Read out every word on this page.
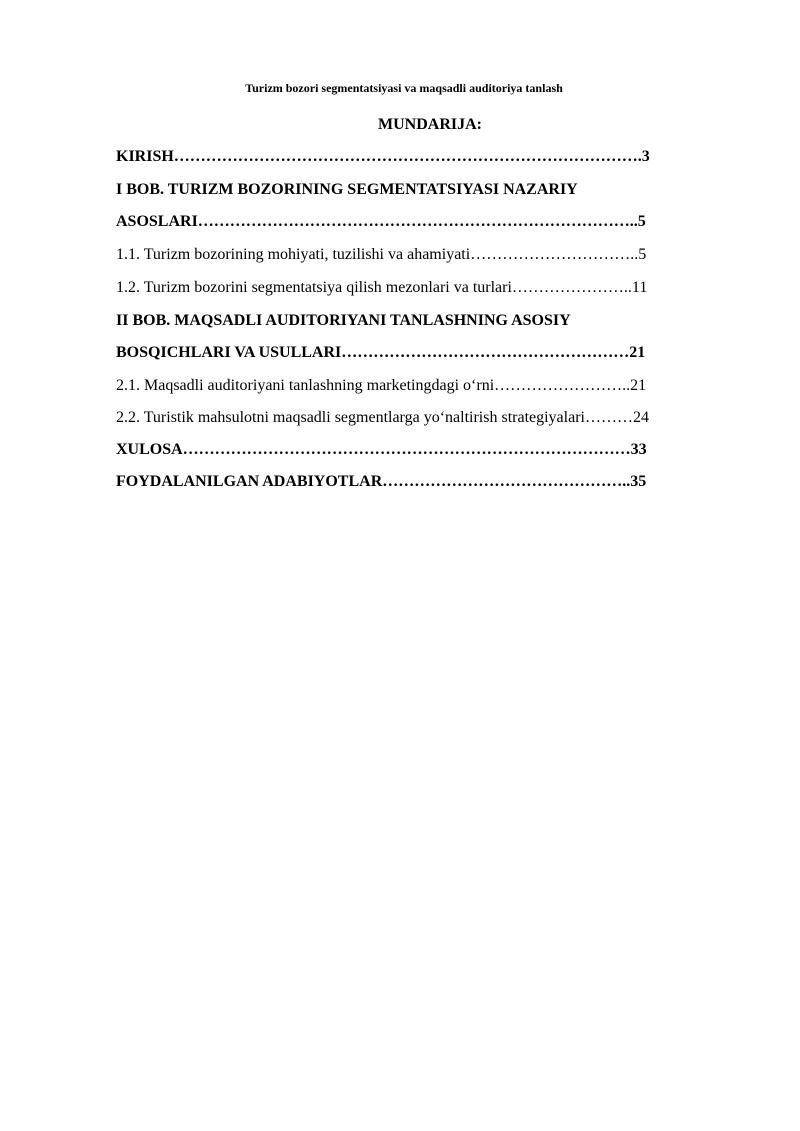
Turizm bozori segmentatsiyasi va maqsadli auditoriya tanlash
MUNDARIJA:
KIRISH…………………………………………………………………………….3
I BOB. TURIZM BOZORINING SEGMENTATSIYASI NAZARIY
ASOSLARI………………………………………………………………………..5
1.1. Turizm bozorining mohiyati, tuzilishi va ahamiyati…………………………..5
1.2. Turizm bozorini segmentatsiya qilish mezonlari va turlari…………………..11
II BOB. MAQSADLI AUDITORIYANI TANLASHNING ASOSIY
BOSQICHLARI VA USULLARI………………………………………………21
2.1. Maqsadli auditoriyani tanlashning marketingdagi o‘rni……………………..21
2.2. Turistik mahsulotni maqsadli segmentlarga yo‘naltirish strategiyalari………24
XULOSA…………………………………………………………………………33
FOYDALANILGAN ADABIYOTLAR………………………………………..35
